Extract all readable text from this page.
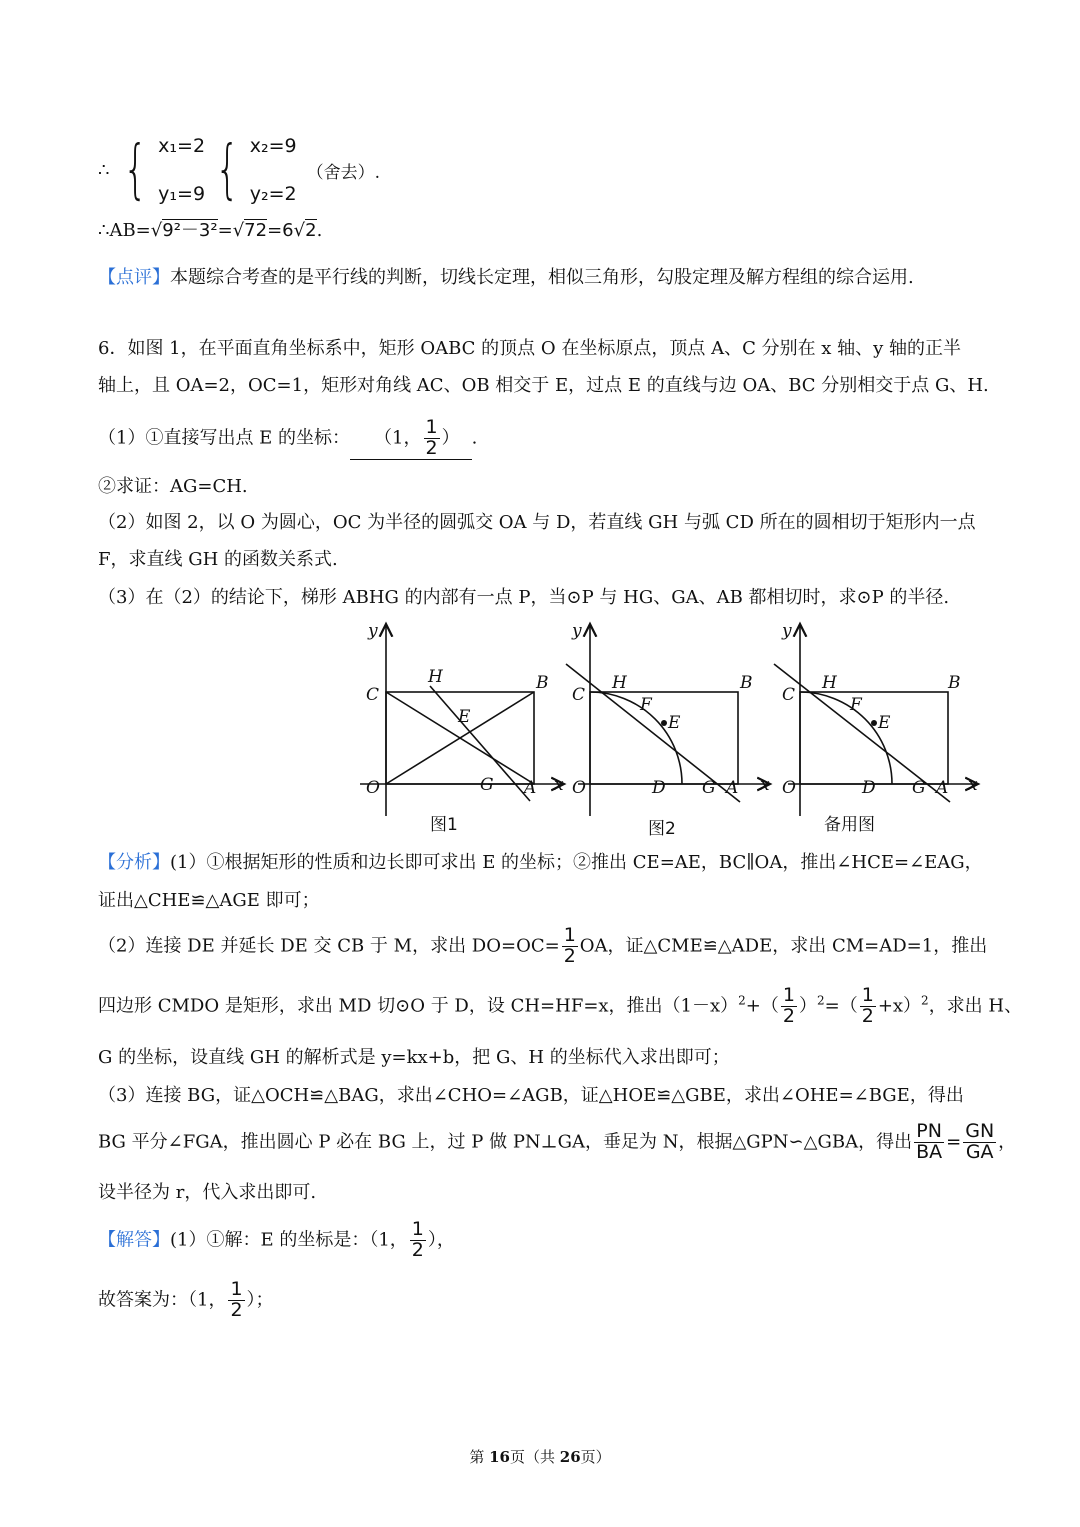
∴ { x₁=2
y₁=9 { x₂=9
y₂=2
（舍去）.
∴AB=√9²－3²=√72=6√2.
【点评】本题综合考查的是平行线的判断，切线长定理，相似三角形，勾股定理及解方程组的综合运用.
6．如图 1，在平面直角坐标系中，矩形 OABC 的顶点 O 在坐标原点，顶点 A、C 分别在 x 轴、y 轴的正半
轴上，且 OA=2，OC=1，矩形对角线 AC、OB 相交于 E，过点 E 的直线与边 OA、BC 分别相交于点 G、H.
（1）①直接写出点 E 的坐标： （1， $\frac{1}{2}$ ） .
②求证：AG=CH.
（2）如图 2，以 O 为圆心，OC 为半径的圆弧交 OA 与 D，若直线 GH 与弧 CD 所在的圆相切于矩形内一点
F，求直线 GH 的函数关系式.
（3）在（2）的结论下，梯形 ABHG 的内部有一点 P，当⊙P 与 HG、GA、AB 都相切时，求⊙P 的半径.
y
C
B
H
E
O	G A x
图1
y
C
H	B
F
E
O	D G A x
图2
y
C
H	B
F
E
O	D G A x
备用图
【分析】(1）①根据矩形的性质和边长即可求出 E 的坐标；②推出 CE=AE，BC∥OA，推出∠HCE=∠EAG，
证出△CHE≌△AGE 即可；
（2）连接 DE 并延长 DE 交 CB 于 M，求出 $DO=OC= \frac{1}{2}$ OA，证△CME≌△ADE，求出 CM=AD=1，推出
四边形 CMDO 是矩形，求出 MD 切⊙O 于 D，设 CH=HF=x，推出$(1-x)^2+( \frac{1}{2} )^2=( \frac{1}{2} +x)^2$，求出 H、
G 的坐标，设直线 GH 的解析式是 y=kx+b，把 G、H 的坐标代入求出即可；
（3）连接 BG，证△OCH≌△BAG，求出∠CHO=∠AGB，证△HOE≌△GBE，求出∠OHE=∠BGE，得出
BG 平分∠FGA，推出圆心 P 必在 BG 上，过 P 做 PN⊥GA，垂足为 N，根据△GPN∽△GBA，得出 $\frac{PN}{BA} = \frac{GN}{GA}$ ，
设半径为 r，代入求出即可.
【解答】(1）①解：E 的坐标是：（1， $\frac{1}{2}$ ），
故答案为：（1， $\frac{1}{2}$ ）；
第 16页（共 26页）
